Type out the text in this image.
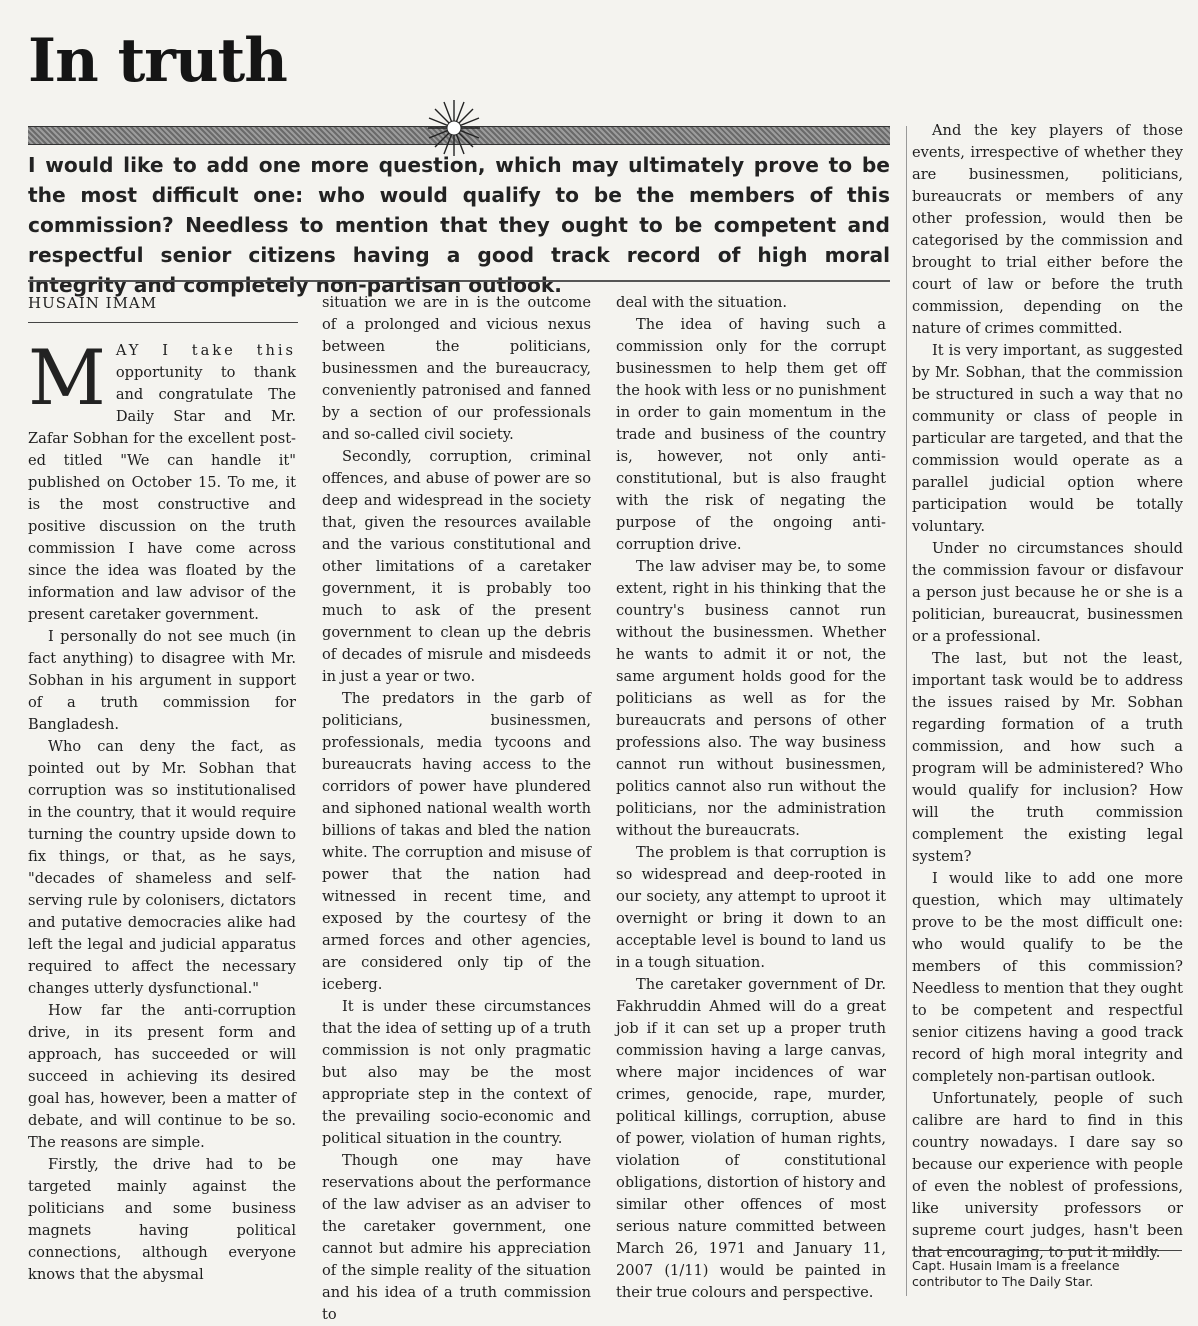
In truth

I would like to add one more question, which may ultimately prove to be the most difficult one: who would qualify to be the members of this commission? Needless to mention that they ought to be competent and respectful senior citizens having a good track record of high moral integrity and completely non-partisan outlook.

HUSAIN IMAM

MAY I take this opportunity to thank and congratulate The Daily Star and Mr. Zafar Sobhan for the excellent post-ed titled "We can handle it" published on October 15. To me, it is the most constructive and positive discussion on the truth commission I have come across since the idea was floated by the information and law advisor of the present caretaker government.

I personally do not see much (in fact anything) to disagree with Mr. Sobhan in his argument in support of a truth commission for Bangladesh.

Who can deny the fact, as pointed out by Mr. Sobhan that corruption was so institutionalised in the country, that it would require turning the country upside down to fix things, or that, as he says, "decades of shameless and self-serving rule by colonisers, dictators and putative democracies alike had left the legal and judicial apparatus required to affect the necessary changes utterly dysfunctional."

How far the anti-corruption drive, in its present form and approach, has succeeded or will succeed in achieving its desired goal has, however, been a matter of debate, and will continue to be so. The reasons are simple.

Firstly, the drive had to be targeted mainly against the politicians and some business magnets having political connections, although everyone knows that the abysmal

situation we are in is the outcome of a prolonged and vicious nexus between the politicians, businessmen and the bureaucracy, conveniently patronised and fanned by a section of our professionals and so-called civil society.

Secondly, corruption, criminal offences, and abuse of power are so deep and widespread in the society that, given the resources available and the various constitutional and other limitations of a caretaker government, it is probably too much to ask of the present government to clean up the debris of decades of misrule and misdeeds in just a year or two.

The predators in the garb of politicians, businessmen, professionals, media tycoons and bureaucrats having access to the corridors of power have plundered and siphoned national wealth worth billions of takas and bled the nation white. The corruption and misuse of power that the nation had witnessed in recent time, and exposed by the courtesy of the armed forces and other agencies, are considered only tip of the iceberg.

It is under these circumstances that the idea of setting up of a truth commission is not only pragmatic but also may be the most appropriate step in the context of the prevailing socio-economic and political situation in the country.

Though one may have reservations about the performance of the law adviser as an adviser to the caretaker government, one cannot but admire his appreciation of the simple reality of the situation and his idea of a truth commission to

deal with the situation.

The idea of having such a commission only for the corrupt businessmen to help them get off the hook with less or no punishment in order to gain momentum in the trade and business of the country is, however, not only anti-constitutional, but is also fraught with the risk of negating the purpose of the ongoing anti-corruption drive.

The law adviser may be, to some extent, right in his thinking that the country's business cannot run without the businessmen. Whether he wants to admit it or not, the same argument holds good for the politicians as well as for the bureaucrats and persons of other professions also. The way business cannot run without businessmen, politics cannot also run without the politicians, nor the administration without the bureaucrats.

The problem is that corruption is so widespread and deep-rooted in our society, any attempt to uproot it overnight or bring it down to an acceptable level is bound to land us in a tough situation.

The caretaker government of Dr. Fakhruddin Ahmed will do a great job if it can set up a proper truth commission having a large canvas, where major incidences of war crimes, genocide, rape, murder, political killings, corruption, abuse of power, violation of human rights, violation of constitutional obligations, distortion of history and similar other offences of most serious nature committed between March 26, 1971 and January 11, 2007 (1/11) would be painted in their true colours and perspective.

And the key players of those events, irrespective of whether they are businessmen, politicians, bureaucrats or members of any other profession, would then be categorised by the commission and brought to trial either before the court of law or before the truth commission, depending on the nature of crimes committed.

It is very important, as suggested by Mr. Sobhan, that the commission be structured in such a way that no community or class of people in particular are targeted, and that the commission would operate as a parallel judicial option where participation would be totally voluntary.

Under no circumstances should the commission favour or disfavour a person just because he or she is a politician, bureaucrat, businessmen or a professional.

The last, but not the least, important task would be to address the issues raised by Mr. Sobhan regarding formation of a truth commission, and how such a program will be administered? Who would qualify for inclusion? How will the truth commission complement the existing legal system?

I would like to add one more question, which may ultimately prove to be the most difficult one: who would qualify to be the members of this commission? Needless to mention that they ought to be competent and respectful senior citizens having a good track record of high moral integrity and completely non-partisan outlook.

Unfortunately, people of such calibre are hard to find in this country nowadays. I dare say so because our experience with people of even the noblest of professions, like university professors or supreme court judges, hasn't been that encouraging, to put it mildly.

Capt. Husain Imam is a freelance contributor to The Daily Star.
